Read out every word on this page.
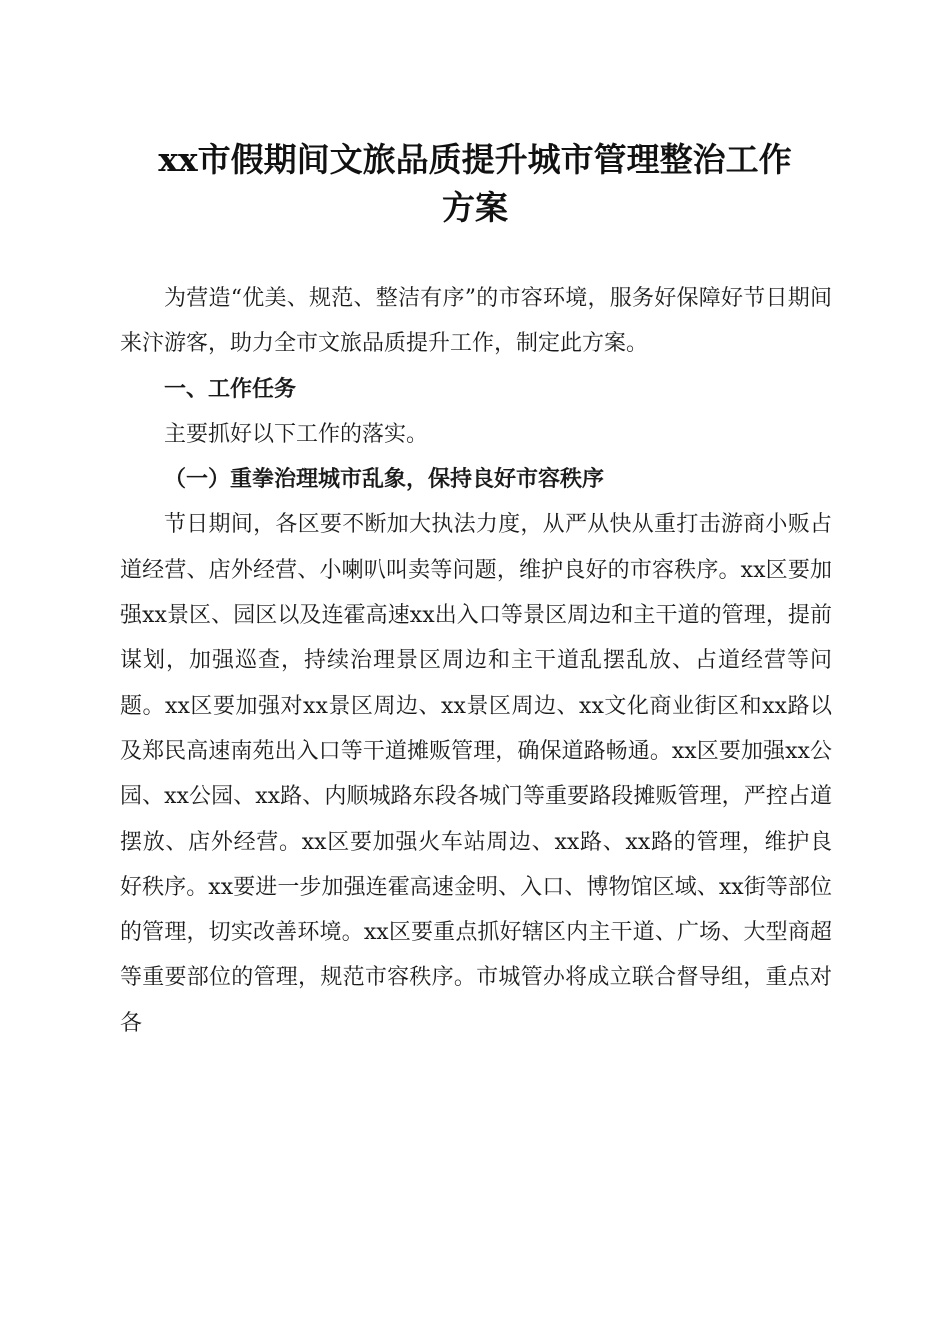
xx市假期间文旅品质提升城市管理整治工作
方案

为营造“优美、规范、整洁有序”的市容环境，服务好保障好节日期间来汴游客，助力全市文旅品质提升工作，制定此方案。

一、工作任务

主要抓好以下工作的落实。

（一）重拳治理城市乱象，保持良好市容秩序

节日期间，各区要不断加大执法力度，从严从快从重打击游商小贩占道经营、店外经营、小喇叭叫卖等问题，维护良好的市容秩序。xx区要加强xx景区、园区以及连霍高速xx出入口等景区周边和主干道的管理，提前谋划，加强巡查，持续治理景区周边和主干道乱摆乱放、占道经营等问题。xx区要加强对xx景区周边、xx景区周边、xx文化商业街区和xx路以及郑民高速南苑出入口等干道摊贩管理，确保道路畅通。xx区要加强xx公园、xx公园、xx路、内顺城路东段各城门等重要路段摊贩管理，严控占道摆放、店外经营。xx区要加强火车站周边、xx路、xx路的管理，维护良好秩序。xx要进一步加强连霍高速金明、入口、博物馆区域、xx街等部位的管理，切实改善环境。xx区要重点抓好辖区内主干道、广场、大型商超等重要部位的管理，规范市容秩序。市城管办将成立联合督导组，重点对各
